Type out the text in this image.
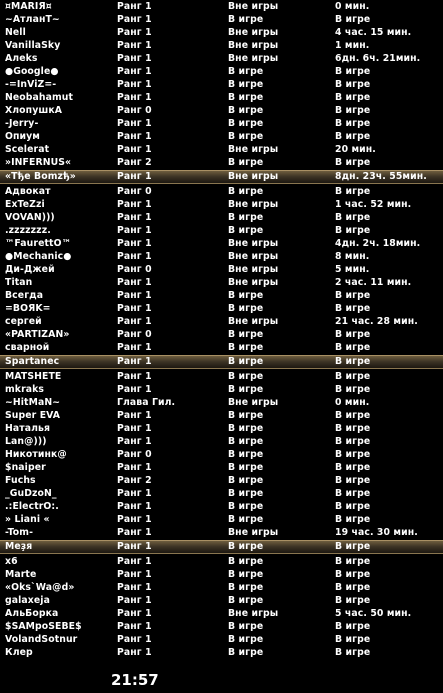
¤MARIЯ¤	Ранг 1	Вне игры	0 мин.
~АтланТ~	Ранг 1	В игре	В игре
Nell	Ранг 1	Вне игры	4 час. 15 мин.
VanillaSky	Ранг 1	Вне игры	1 мин.
Алeks	Ранг 1	Вне игры	6дн. 6ч. 21мин.
●Google●	Ранг 1	В игре	В игре
-=InViZ=-	Ранг 1	В игре	В игре
Neobahamut	Ранг 1	В игре	В игре
ХлопушкА	Ранг 0	В игре	В игре
-Jerry-	Ранг 1	В игре	В игре
Опиум	Ранг 1	В игре	В игре
Scelerat	Ранг 1	Вне игры	20 мин.
»INFERNUS«	Ранг 2	В игре	В игре
«Tђe Bomzђ»	Ранг 1	Вне игры	8дн. 23ч. 55мин.
Адвокат	Ранг 0	В игре	В игре
ExTeZzi	Ранг 1	Вне игры	1 час. 52 мин.
VOVAN)))	Ранг 1	В игре	В игре
.zzzzzzz.	Ранг 1	В игре	В игре
™FaurettO™	Ранг 1	Вне игры	4дн. 2ч. 18мин.
●Mechanic●	Ранг 1	Вне игры	8 мин.
Ди-Джей	Ранг 0	Вне игры	5 мин.
Titan	Ранг 1	Вне игры	2 час. 11 мин.
Всегда	Ранг 1	В игре	В игре
=BOЯK=	Ранг 1	В игре	В игре
сергей	Ранг 1	Вне игры	21 час. 28 мин.
«PARTIZAN»	Ранг 0	В игре	В игре
сварной	Ранг 1	В игре	В игре
Spartanec	Ранг 1	В игре	В игре
MATSHETE	Ранг 1	В игре	В игре
mkraks	Ранг 1	В игре	В игре
~HitMaN~	Глава Гил.	Вне игры	0 мин.
Super EVA	Ранг 1	В игре	В игре
Наталья	Ранг 1	В игре	В игре
Lan@)))	Ранг 1	В игре	В игре
Никотинк@	Ранг 0	В игре	В игре
$naiper	Ранг 1	В игре	В игре
Fuchs	Ранг 2	В игре	В игре
_GuDzoN_	Ранг 1	В игре	В игре
.:ElectrO:.	Ранг 1	В игре	В игре
» Liani «	Ранг 1	В игре	В игре
-Tom-	Ранг 1	Вне игры	19 час. 30 мин.
Меҙя	Ранг 1	В игре	В игре
x6	Ранг 1	В игре	В игре
Marte	Ранг 1	В игре	В игре
«Oks`Wa@d»	Ранг 1	В игре	В игре
galaxeja	Ранг 1	В игре	В игре
АльБорка	Ранг 1	Вне игры	5 час. 50 мин.
$SAMpoSEBE$	Ранг 1	В игре	В игре
VolandSotnur	Ранг 1	В игре	В игре
Клер	Ранг 1	В игре	В игре
21:57
